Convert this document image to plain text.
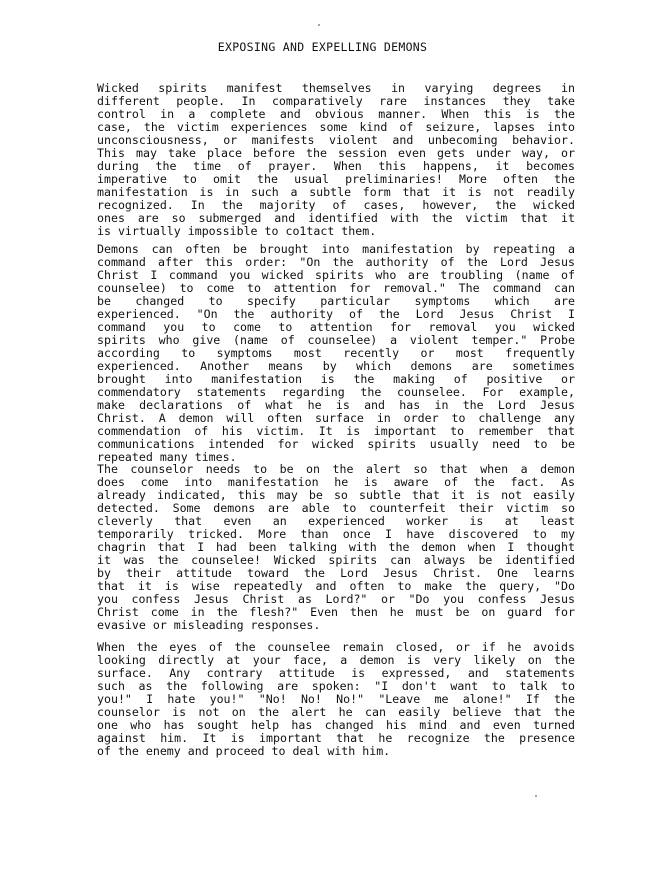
EXPOSING AND EXPELLING DEMONS
Wicked spirits manifest themselves in varying degrees in
different people. In comparatively rare instances they take
control in a complete and obvious manner. When this is the
case, the victim experiences some kind of seizure, lapses into
unconsciousness, or manifests violent and unbecoming behavior.
This may take place before the session even gets under way, or
during the time of prayer. When this happens, it becomes
imperative to omit the usual preliminaries! More often the
manifestation is in such a subtle form that it is not readily
recognized. In the majority of cases, however, the wicked
ones are so submerged and identified with the victim that it
is virtually impossible to co1tact them.
Demons can often be brought into manifestation by repeating a
command after this order: "On the authority of the Lord Jesus
Christ I command you wicked spirits who are troubling (name of
counselee) to come to attention for removal." The command can
be changed to specify particular symptoms which are
experienced. "On the authority of the Lord Jesus Christ I
command you to come to attention for removal you wicked
spirits who give (name of counselee) a violent temper." Probe
according to symptoms most recently or most frequently
experienced. Another means by which demons are sometimes
brought into manifestation is the making of positive or
commendatory statements regarding the counselee. For example,
make declarations of what he is and has in the Lord Jesus
Christ. A demon will often surface in order to challenge any
commendation of his victim. It is important to remember that
communications intended for wicked spirits usually need to be
repeated many times.
The counselor needs to be on the alert so that when a demon
does come into manifestation he is aware of the fact. As
already indicated, this may be so subtle that it is not easily
detected. Some demons are able to counterfeit their victim so
cleverly that even an experienced worker is at least
temporarily tricked. More than once I have discovered to my
chagrin that I had been talking with the demon when I thought
it was the counselee! Wicked spirits can always be identified
by their attitude toward the Lord Jesus Christ. One learns
that it is wise repeatedly and often to make the query, "Do
you confess Jesus Christ as Lord?" or "Do you confess Jesus
Christ come in the flesh?" Even then he must be on guard for
evasive or misleading responses.
When the eyes of the counselee remain closed, or if he avoids
looking directly at your face, a demon is very likely on the
surface. Any contrary attitude is expressed, and statements
such as the following are spoken: "I don't want to talk to
you!" I hate you!" "No! No! No!" "Leave me alone!" If the
counselor is not on the alert he can easily believe that the
one who has sought help has changed his mind and even turned
against him. It is important that he recognize the presence
of the enemy and proceed to deal with him.
